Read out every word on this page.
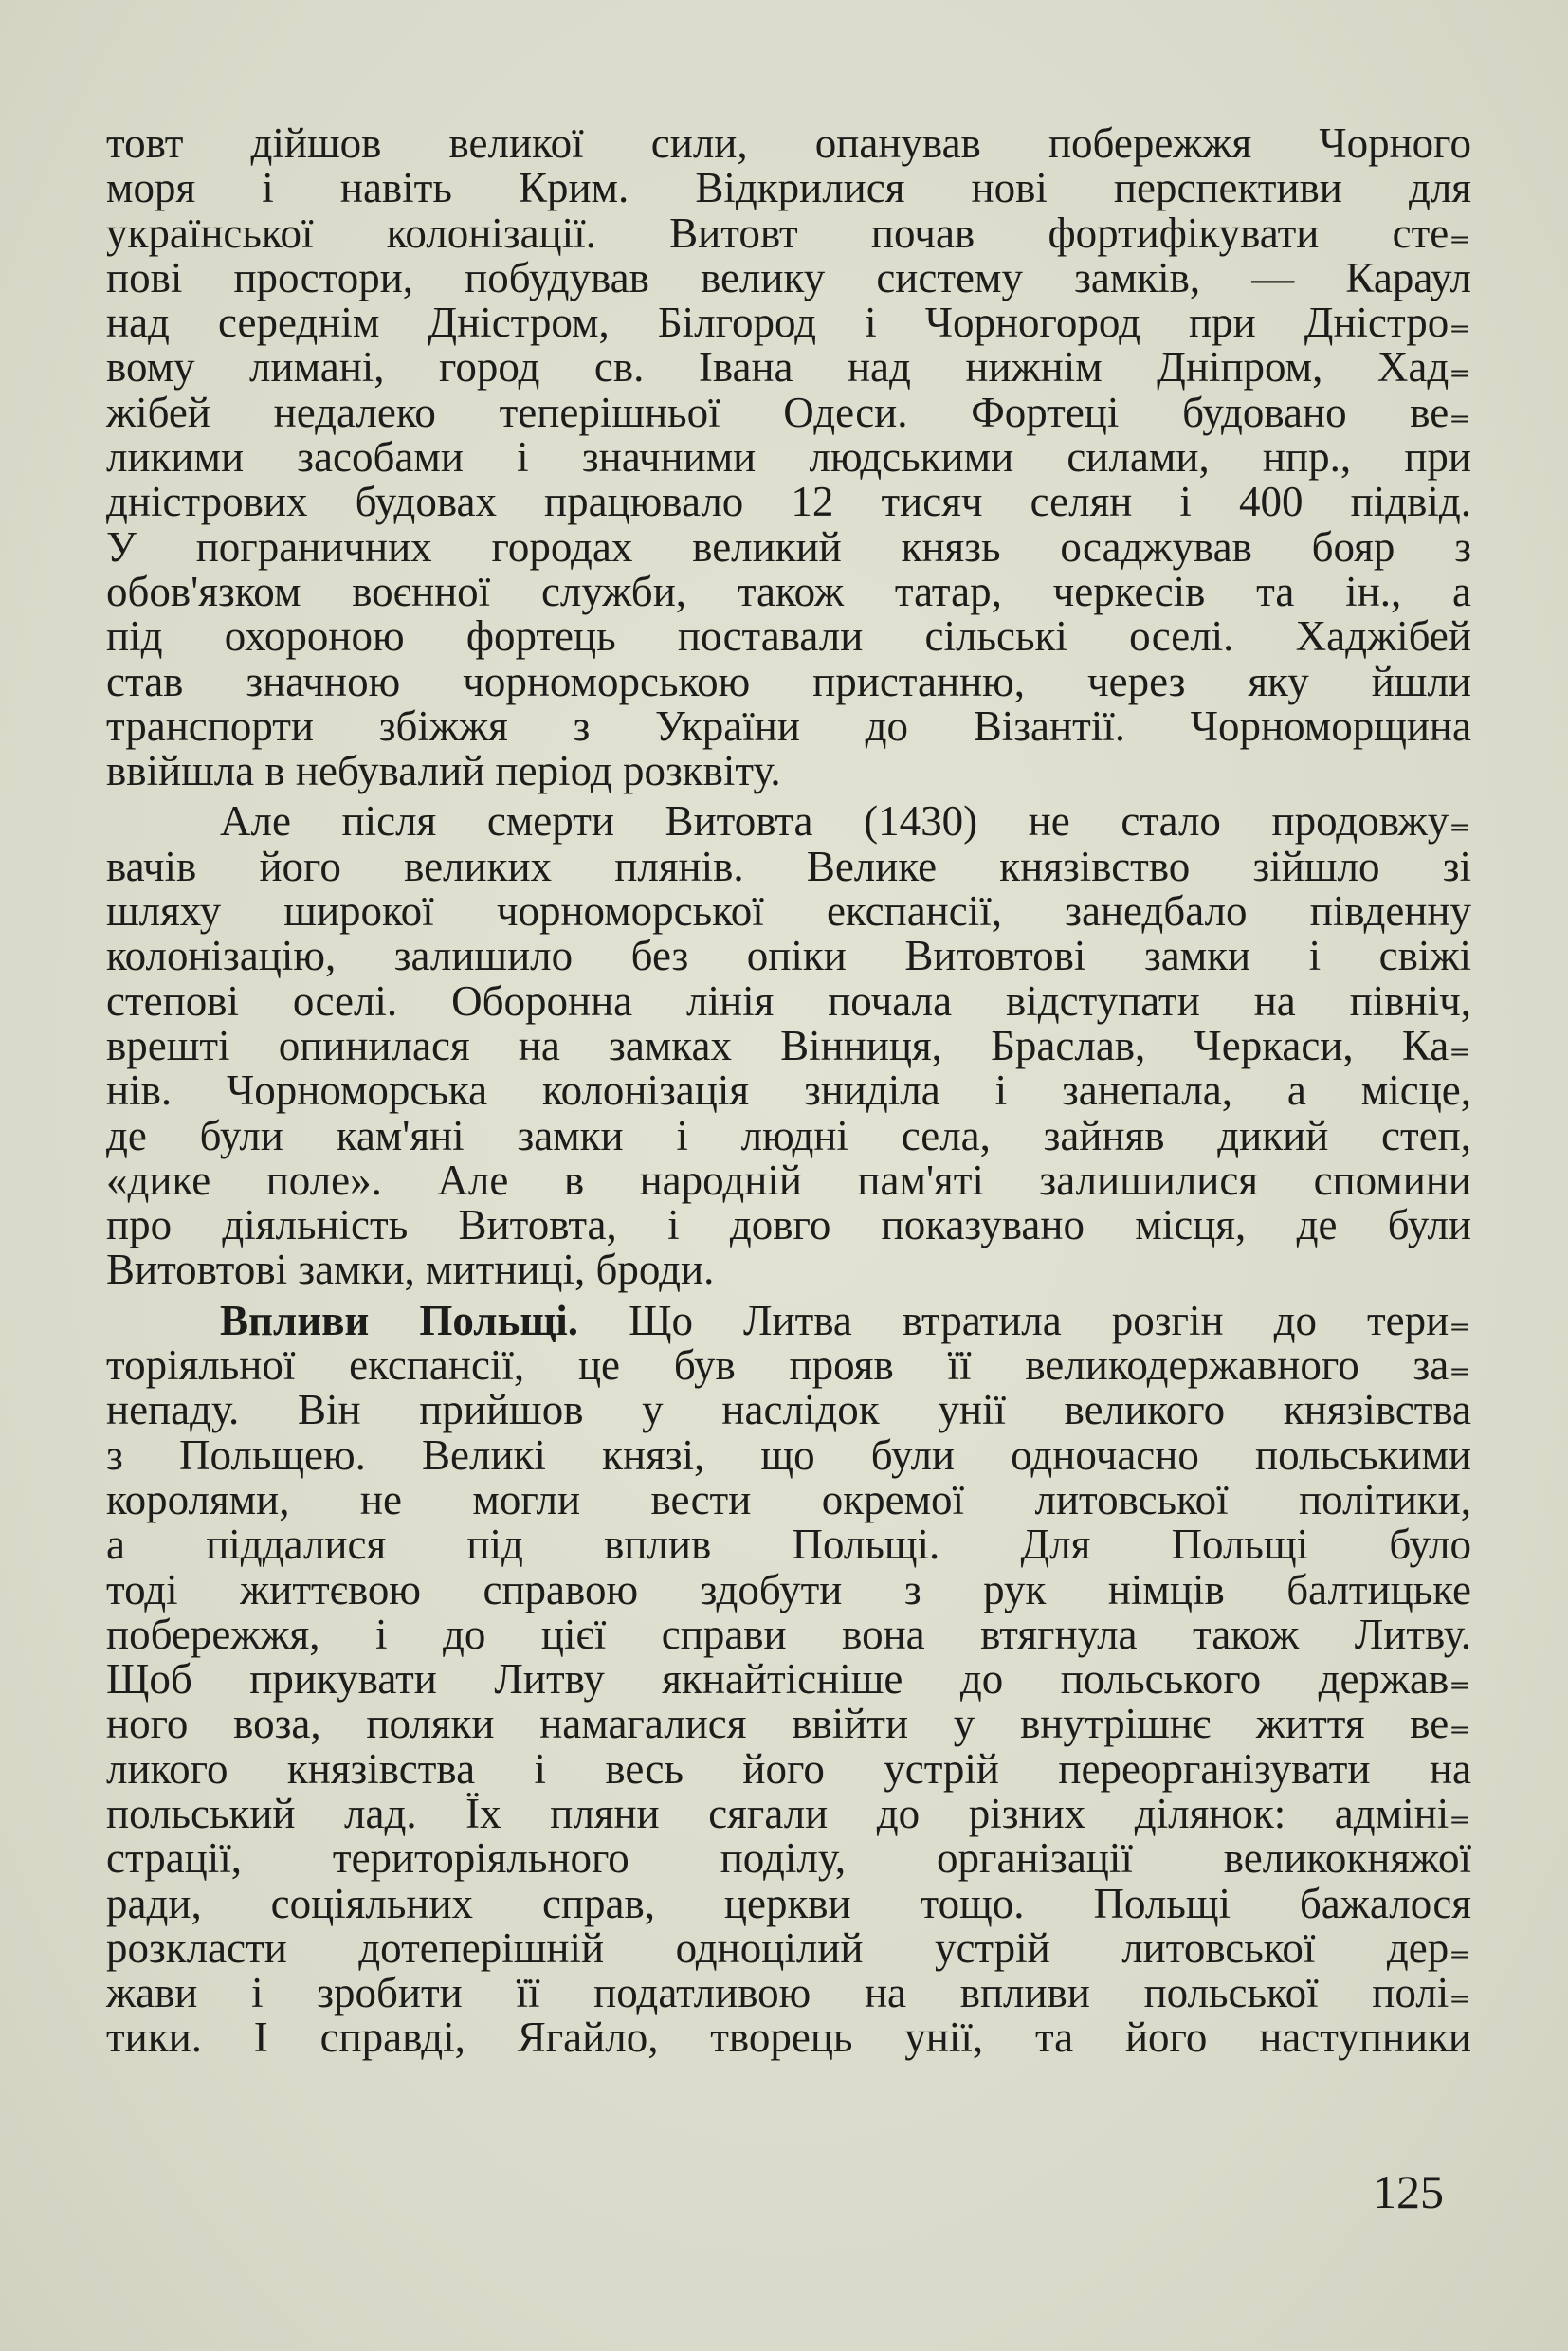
товт дійшов великої сили, опанував побережжя Чорного
моря і навіть Крим. Відкрилися нові перспективи для
української колонізації. Витовт почав фортифікувати сте₌
пові простори, побудував велику систему замків, — Караул
над середнім Дністром, Білгород і Чорногород при Дністро₌
вому лимані, город св. Івана над нижнім Дніпром, Хад₌
жібей недалеко теперішньої Одеси. Фортеці будовано ве₌
ликими засобами і значними людськими силами, нпр., при
дністрових будовах працювало 12 тисяч селян і 400 підвід.
У пограничних городах великий князь осаджував бояр з
обов'язком воєнної служби, також татар, черкесів та ін., а
під охороною фортець поставали сільські оселі. Хаджібей
став значною чорноморською пристанню, через яку йшли
транспорти збіжжя з України до Візантії. Чорноморщина
ввійшла в небувалий період розквіту.

Але після смерти Витовта (1430) не стало продовжу₌
вачів його великих плянів. Велике князівство зійшло зі
шляху широкої чорноморської експансії, занедбало південну
колонізацію, залишило без опіки Витовтові замки і свіжі
степові оселі. Оборонна лінія почала відступати на північ,
врешті опинилася на замках Вінниця, Браслав, Черкаси, Ка₌
нів. Чорноморська колонізація знидiла і занепала, а місце,
де були кам'яні замки і людні села, зайняв дикий степ,
«дике поле». Але в народній пам'яті залишилися спомини
про діяльність Витовта, і довго показувано місця, де були
Витовтові замки, митниці, броди.

Впливи Польщі. Що Литва втратила розгін до тери₌
торіяльної експансії, це був пpояв її великодержавного за₌
непаду. Він прийшов у наслідок унії великого князівства
з Польщею. Великі князі, що були одночасно польськими
королями, не могли вести окремої литовської політики,
а піддалися під вплив Польщі. Для Польщі було
тоді життєвою справою здобути з рук німців балтицьке
побережжя, і до цієї справи вона втягнула також Литву.
Щоб прикувати Литву якнайтісніше до польського держав₌
ного воза, поляки намагалися ввійти у внутрішнє життя ве₌
ликого князівства і весь його устрій переорганізувати на
польський лад. Їх пляни сягали до різних ділянок: адміні₌
страції, територіяльного поділу, організації великокняжої
ради, соціяльних справ, церкви тощо. Польщі бажалося
розкласти дотеперішній одноцілий устрій литовської дер₌
жави і зробити її податливою на впливи польської полі₌
тики. І справді, Ягайло, творець унії, та його наступники

125
